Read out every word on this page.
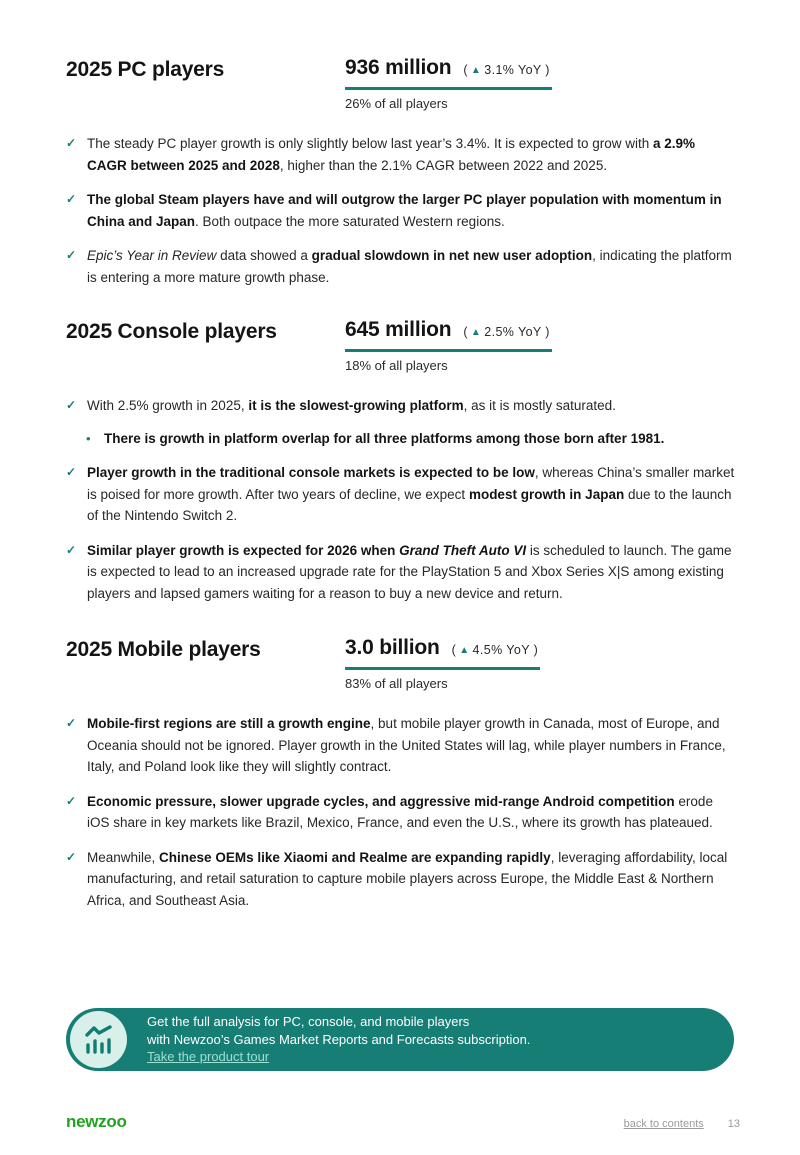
2025 PC players	936 million ( ▲ 3.1% YoY )
26% of all players
✓ The steady PC player growth is only slightly below last year’s 3.4%. It is expected to grow with a 2.9% CAGR between 2025 and 2028, higher than the 2.1% CAGR between 2022 and 2025.
✓ The global Steam players have and will outgrow the larger PC player population with momentum in China and Japan. Both outpace the more saturated Western regions.
✓ Epic’s Year in Review data showed a gradual slowdown in net new user adoption, indicating the platform is entering a more mature growth phase.
2025 Console players	645 million ( ▲ 2.5% YoY )
18% of all players
✓ With 2.5% growth in 2025, it is the slowest-growing platform, as it is mostly saturated.
• There is growth in platform overlap for all three platforms among those born after 1981.
✓ Player growth in the traditional console markets is expected to be low, whereas China’s smaller market is poised for more growth. After two years of decline, we expect modest growth in Japan due to the launch of the Nintendo Switch 2.
✓ Similar player growth is expected for 2026 when Grand Theft Auto VI is scheduled to launch. The game is expected to lead to an increased upgrade rate for the PlayStation 5 and Xbox Series X|S among existing players and lapsed gamers waiting for a reason to buy a new device and return.
2025 Mobile players	3.0 billion ( ▲ 4.5% YoY )
83% of all players
✓ Mobile-first regions are still a growth engine, but mobile player growth in Canada, most of Europe, and Oceania should not be ignored. Player growth in the United States will lag, while player numbers in France, Italy, and Poland look like they will slightly contract.
✓ Economic pressure, slower upgrade cycles, and aggressive mid-range Android competition erode iOS share in key markets like Brazil, Mexico, France, and even the U.S., where its growth has plateaued.
✓ Meanwhile, Chinese OEMs like Xiaomi and Realme are expanding rapidly, leveraging affordability, local manufacturing, and retail saturation to capture mobile players across Europe, the Middle East & Northern Africa, and Southeast Asia.
Get the full analysis for PC, console, and mobile players
with Newzoo’s Games Market Reports and Forecasts subscription.
Take the product tour
newzoo	back to contents 13
